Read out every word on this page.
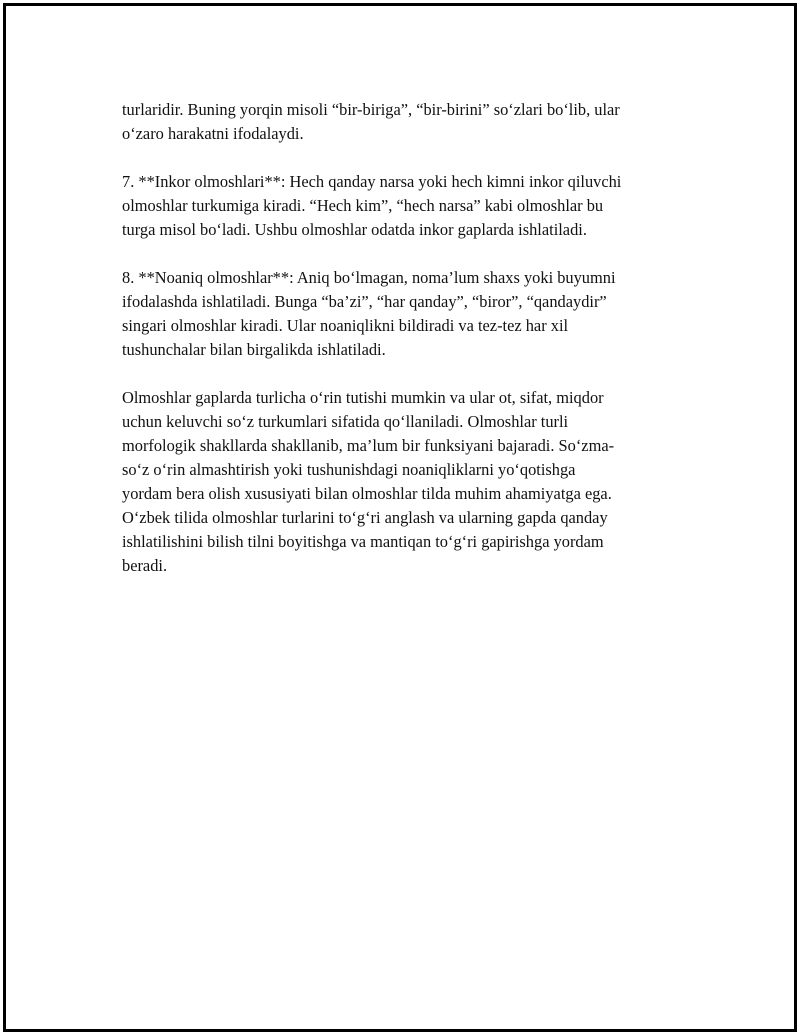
turlaridir. Buning yorqin misoli “bir-biriga”, “bir-birini” so‘zlari bo‘lib, ular
o‘zaro harakatni ifodalaydi.

7. **Inkor olmoshlari**: Hech qanday narsa yoki hech kimni inkor qiluvchi
olmoshlar turkumiga kiradi. “Hech kim”, “hech narsa” kabi olmoshlar bu
turga misol bo‘ladi. Ushbu olmoshlar odatda inkor gaplarda ishlatiladi.

8. **Noaniq olmoshlar**: Aniq bo‘lmagan, noma’lum shaxs yoki buyumni
ifodalashda ishlatiladi. Bunga “ba’zi”, “har qanday”, “biror”, “qandaydir”
singari olmoshlar kiradi. Ular noaniqlikni bildiradi va tez-tez har xil
tushunchalar bilan birgalikda ishlatiladi.

Olmoshlar gaplarda turlicha o‘rin tutishi mumkin va ular ot, sifat, miqdor
uchun keluvchi so‘z turkumlari sifatida qo‘llaniladi. Olmoshlar turli
morfologik shakllarda shakllanib, ma’lum bir funksiyani bajaradi. So‘zma-
so‘z o‘rin almashtirish yoki tushunishdagi noaniqliklarni yo‘qotishga
yordam bera olish xususiyati bilan olmoshlar tilda muhim ahamiyatga ega.
O‘zbek tilida olmoshlar turlarini to‘g‘ri anglash va ularning gapda qanday
ishlatilishini bilish tilni boyitishga va mantiqan to‘g‘ri gapirishga yordam
beradi.
